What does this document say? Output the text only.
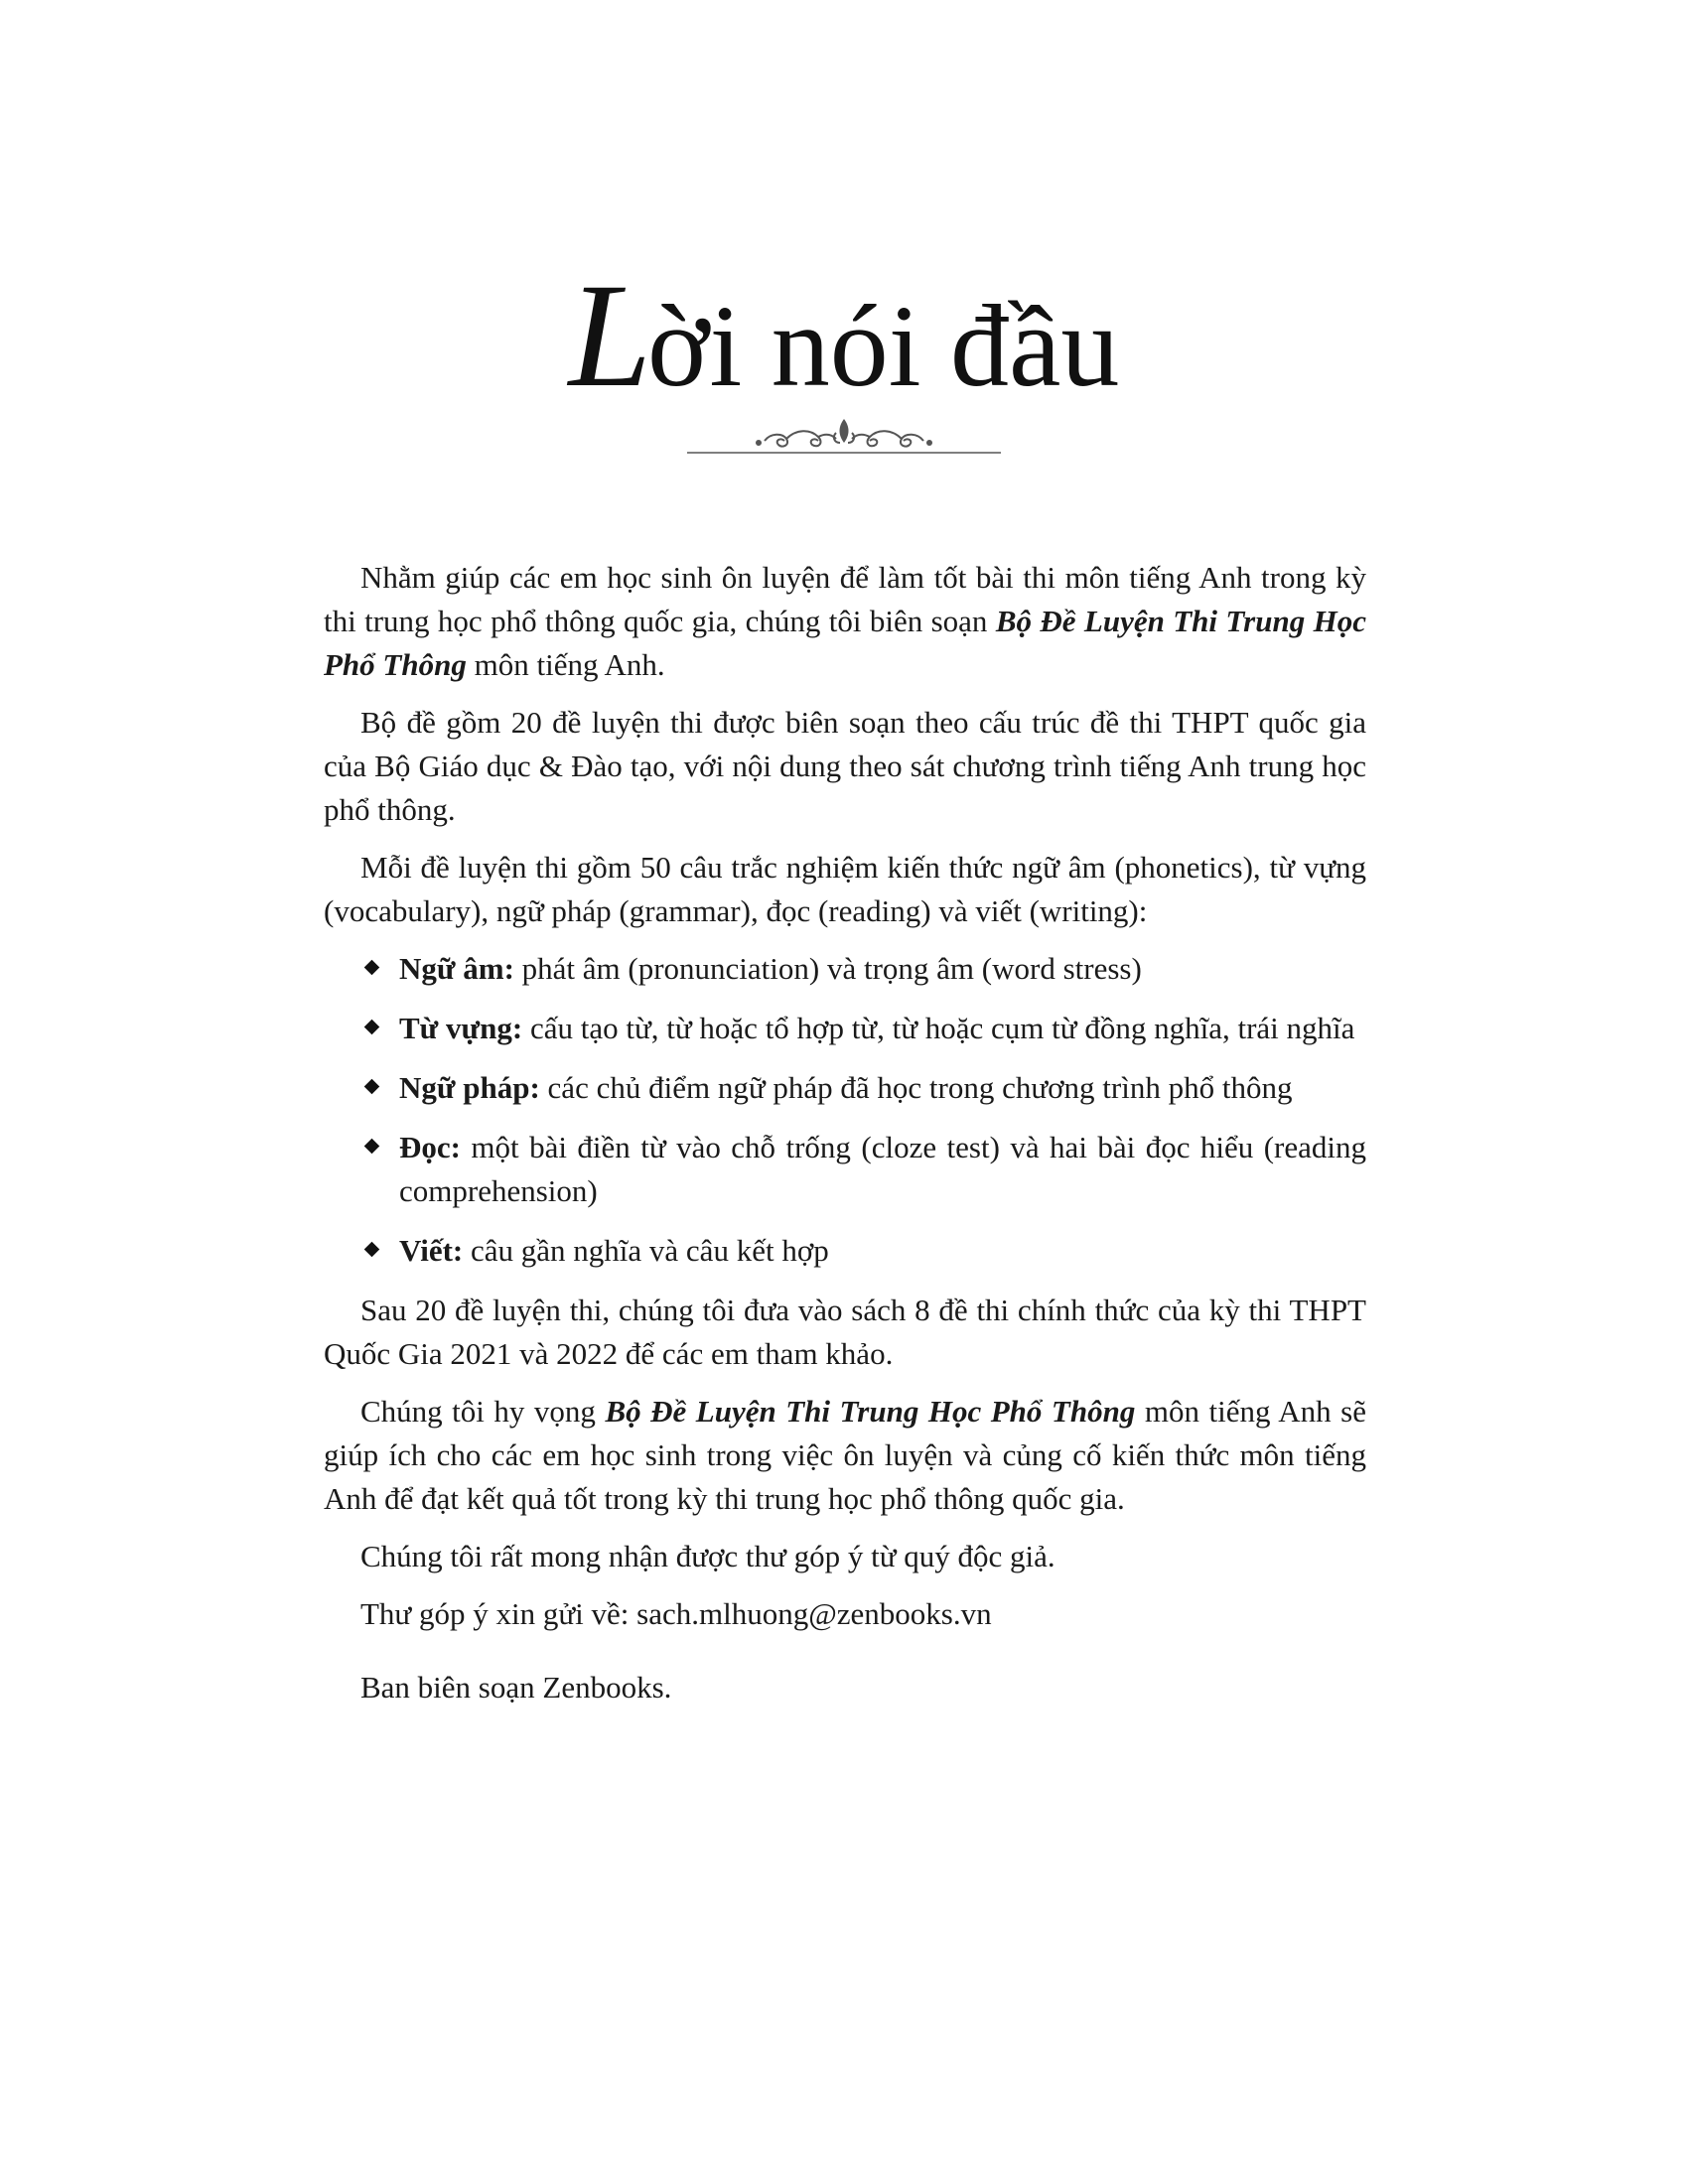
Lời nói đầu

Nhằm giúp các em học sinh ôn luyện để làm tốt bài thi môn tiếng Anh trong kỳ thi trung học phổ thông quốc gia, chúng tôi biên soạn Bộ Đề Luyện Thi Trung Học Phổ Thông môn tiếng Anh.

Bộ đề gồm 20 đề luyện thi được biên soạn theo cấu trúc đề thi THPT quốc gia của Bộ Giáo dục & Đào tạo, với nội dung theo sát chương trình tiếng Anh trung học phổ thông.

Mỗi đề luyện thi gồm 50 câu trắc nghiệm kiến thức ngữ âm (phonetics), từ vựng (vocabulary), ngữ pháp (grammar), đọc (reading) và viết (writing):

Ngữ âm: phát âm (pronunciation) và trọng âm (word stress)
Từ vựng: cấu tạo từ, từ hoặc tổ hợp từ, từ hoặc cụm từ đồng nghĩa, trái nghĩa
Ngữ pháp: các chủ điểm ngữ pháp đã học trong chương trình phổ thông
Đọc: một bài điền từ vào chỗ trống (cloze test) và hai bài đọc hiểu (reading comprehension)
Viết: câu gần nghĩa và câu kết hợp

Sau 20 đề luyện thi, chúng tôi đưa vào sách 8 đề thi chính thức của kỳ thi THPT Quốc Gia 2021 và 2022 để các em tham khảo.

Chúng tôi hy vọng Bộ Đề Luyện Thi Trung Học Phổ Thông môn tiếng Anh sẽ giúp ích cho các em học sinh trong việc ôn luyện và củng cố kiến thức môn tiếng Anh để đạt kết quả tốt trong kỳ thi trung học phổ thông quốc gia.

Chúng tôi rất mong nhận được thư góp ý từ quý độc giả.

Thư góp ý xin gửi về: sach.mlhuong@zenbooks.vn

Ban biên soạn Zenbooks.
